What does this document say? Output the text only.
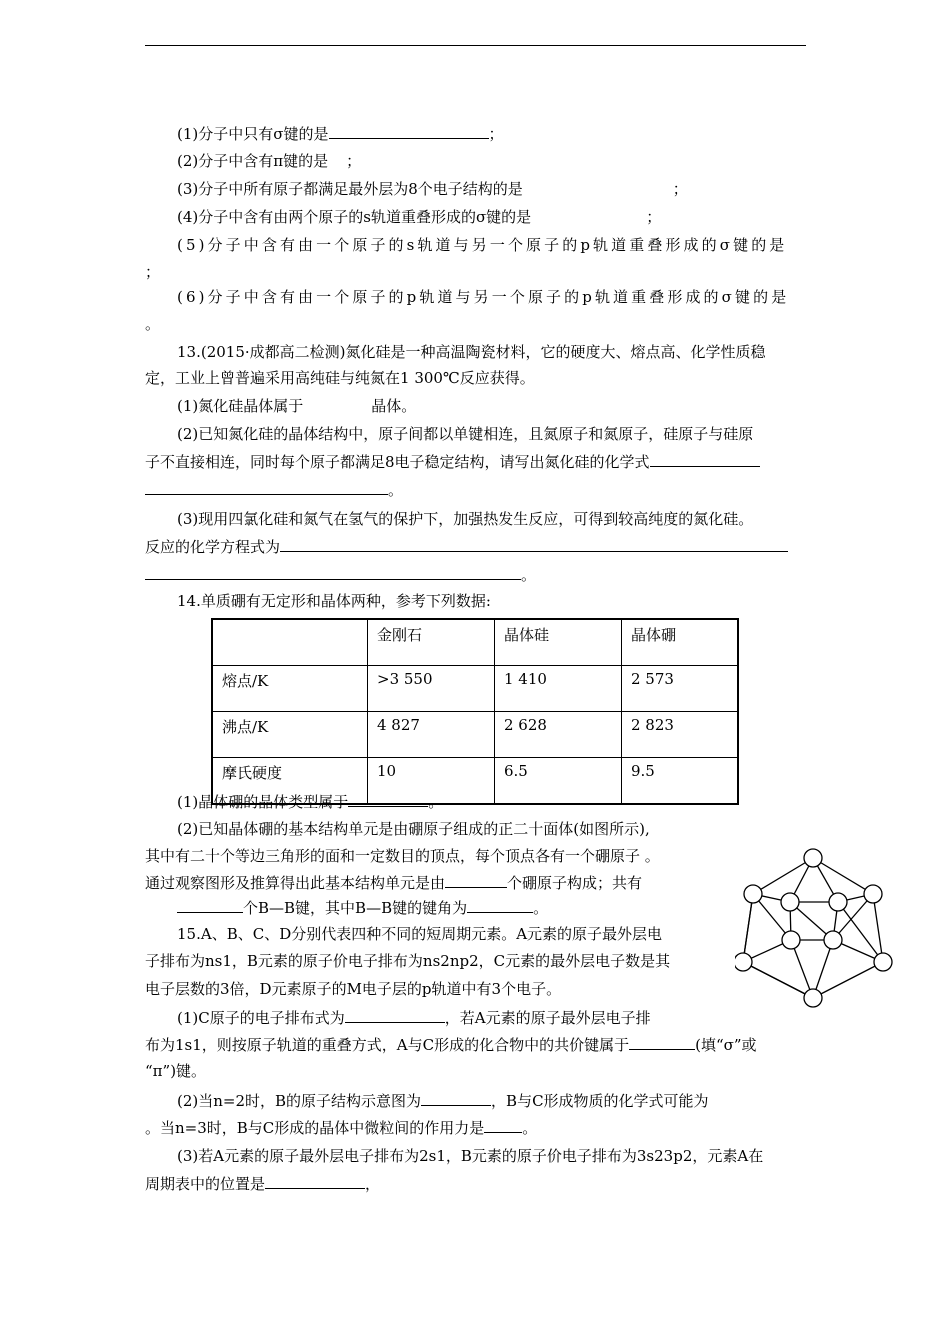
(1)分子中只有σ键的是	；
(2)分子中含有π键的是 ；
(3)分子中所有原子都满足最外层为8个电子结构的是	；
(4)分子中含有由两个原子的s轨道重叠形成的σ键的是	；
(5)分子中含有由一个原子的s轨道与另一个原子的p轨道重叠形成的σ键的是
；
(6)分子中含有由一个原子的p轨道与另一个原子的p轨道重叠形成的σ键的是
。
13.(2015·成都高二检测)氮化硅是一种高温陶瓷材料，它的硬度大、熔点高、化学性质稳
定，工业上曾普遍采用高纯硅与纯氮在1 300℃反应获得。
(1)氮化硅晶体属于	晶体。
(2)已知氮化硅的晶体结构中，原子间都以单键相连，且氮原子和氮原子，硅原子与硅原
子不直接相连，同时每个原子都满足8电子稳定结构，请写出氮化硅的化学式
。
(3)现用四氯化硅和氮气在氢气的保护下，加强热发生反应，可得到较高纯度的氮化硅。
反应的化学方程式为
。
14.单质硼有无定形和晶体两种，参考下列数据:
	金刚石	晶体硅	晶体硼
熔点/K	>3 550	1 410	2 573
沸点/K	4 827	2 628	2 823
摩氏硬度	10	6.5	9.5
(1)晶体硼的晶体类型属于	。
(2)已知晶体硼的基本结构单元是由硼原子组成的正二十面体(如图所示),
其中有二十个等边三角形的面和一定数目的顶点，每个顶点各有一个硼原子 。
通过观察图形及推算得出此基本结构单元是由	个硼原子构成；共有
个B—B键，其中B—B键的键角为	。
15.A、B、C、D分别代表四种不同的短周期元素。A元素的原子最外层电
子排布为ns1，B元素的原子价电子排布为ns2np2，C元素的最外层电子数是其
电子层数的3倍，D元素原子的M电子层的p轨道中有3个电子。
(1)C原子的电子排布式为	，若A元素的原子最外层电子排
布为1s1，则按原子轨道的重叠方式，A与C形成的化合物中的共价键属于	(填“σ”或
“π”)键。
(2)当n=2时，B的原子结构示意图为	，B与C形成物质的化学式可能为
。当n=3时，B与C形成的晶体中微粒间的作用力是	。
(3)若A元素的原子最外层电子排布为2s1，B元素的原子价电子排布为3s23p2，元素A在
周期表中的位置是	，
